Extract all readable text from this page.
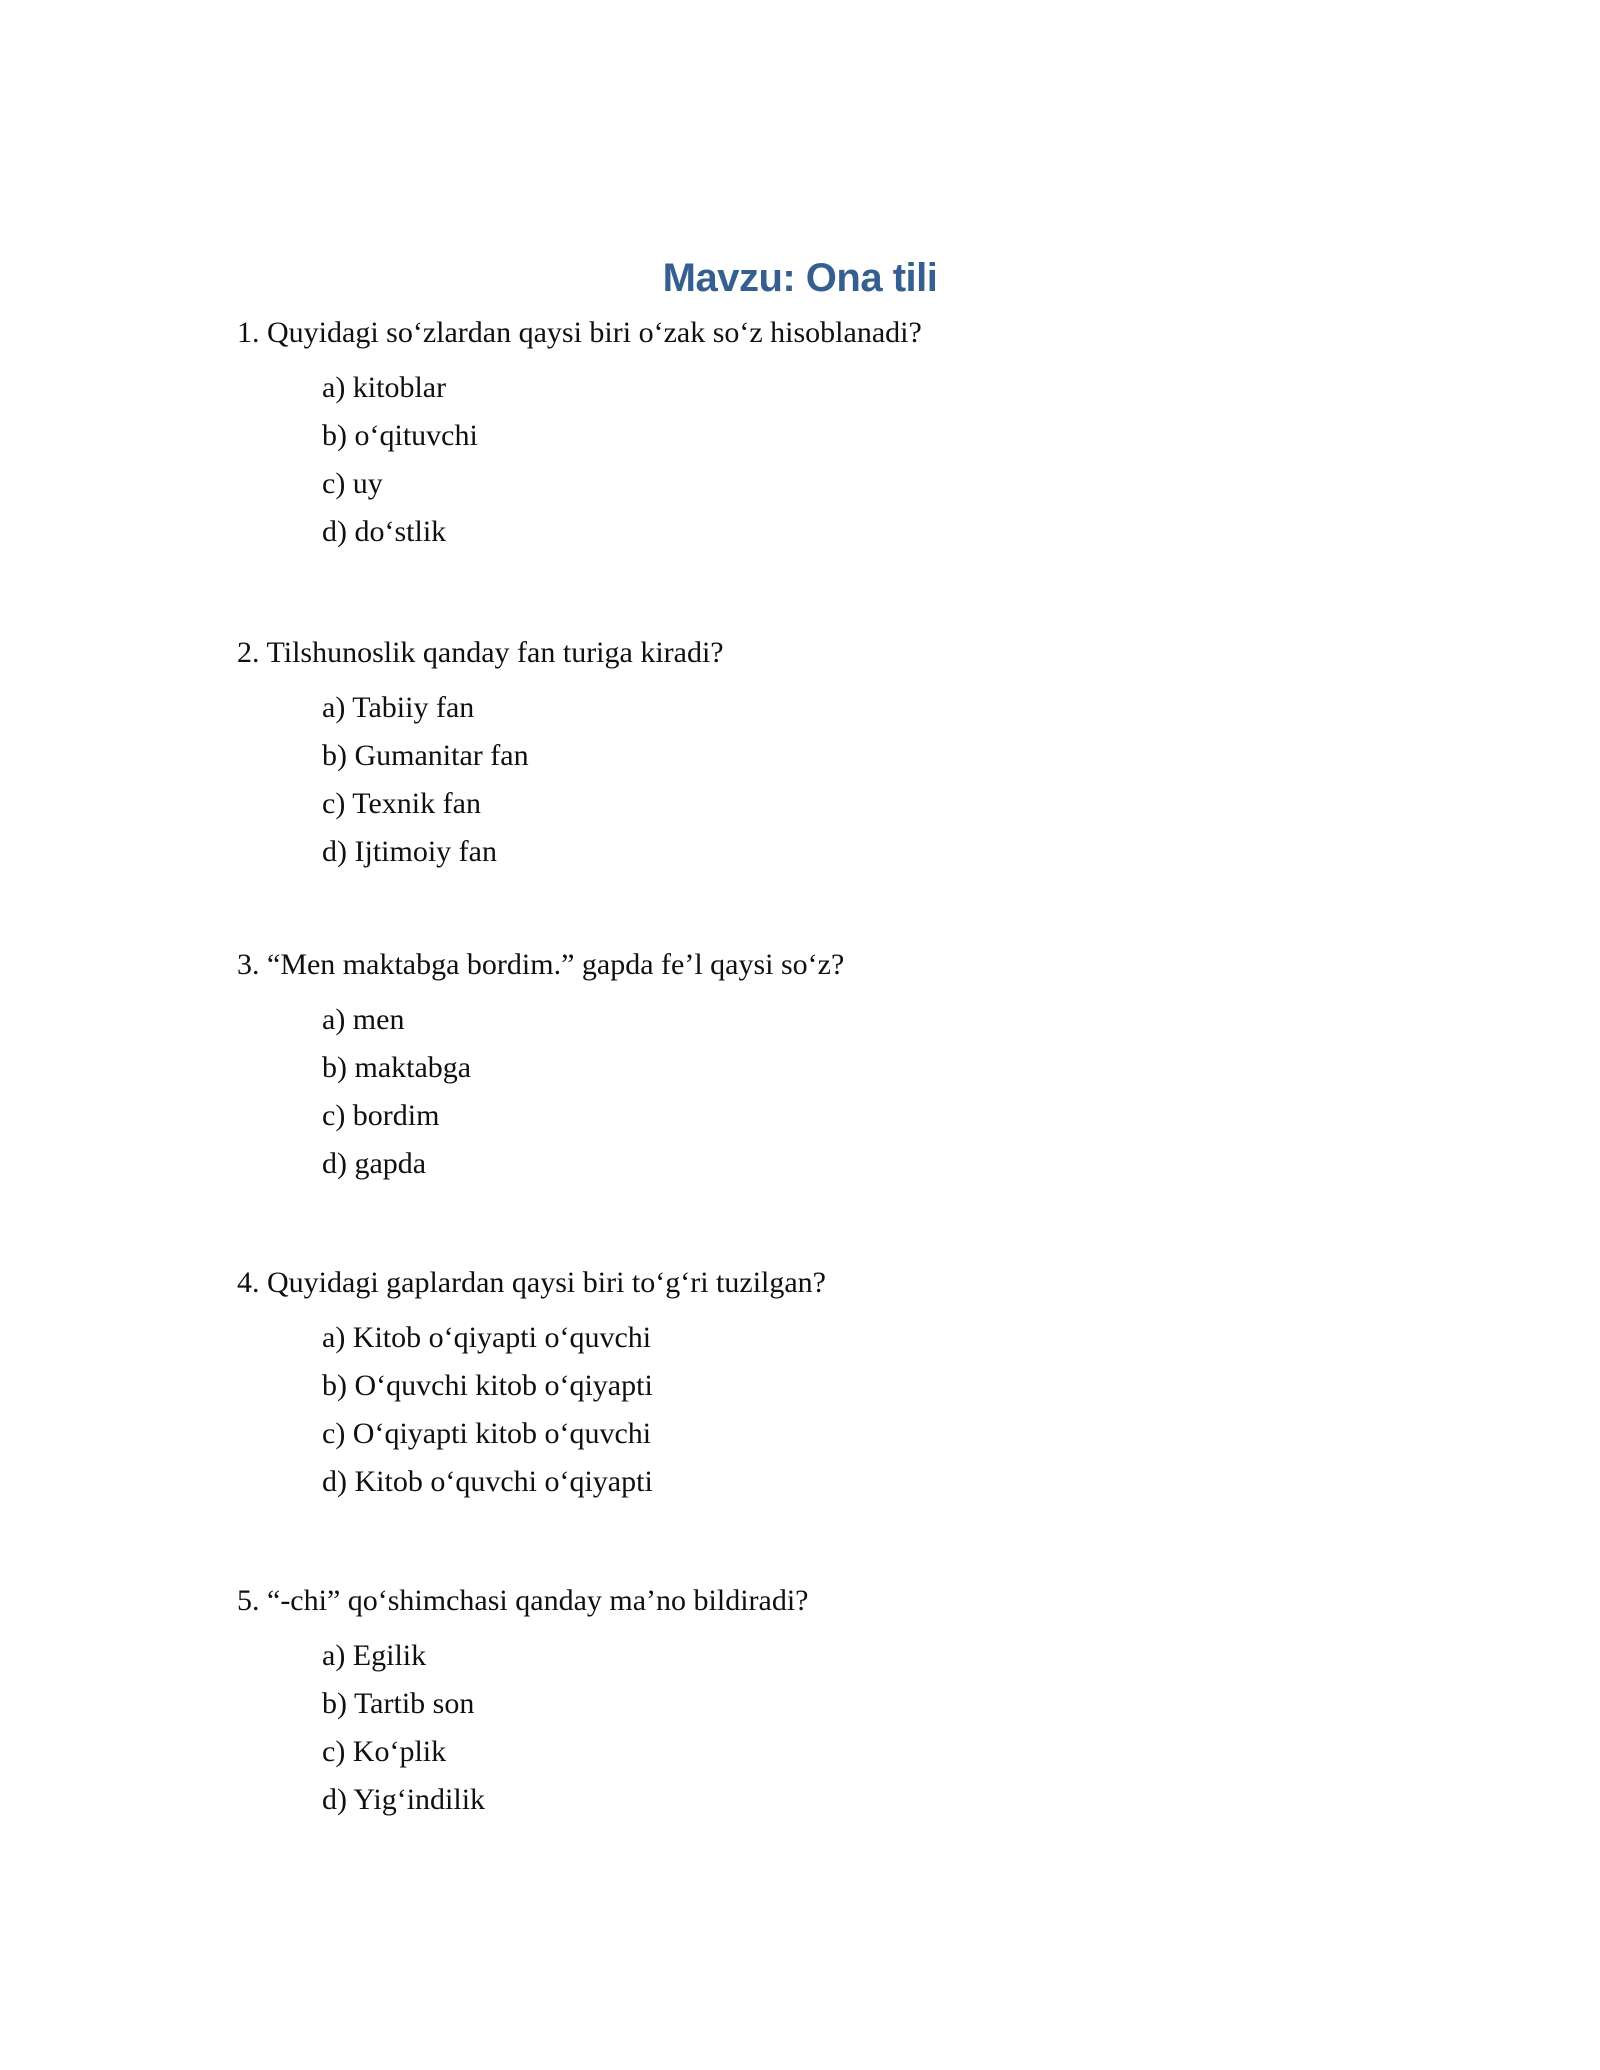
Mavzu: Ona tili

1. Quyidagi so‘zlardan qaysi biri o‘zak so‘z hisoblanadi?

a) kitoblar

b) o‘qituvchi

c) uy

d) do‘stlik

2. Tilshunoslik qanday fan turiga kiradi?

a) Tabiiy fan

b) Gumanitar fan

c) Texnik fan

d) Ijtimoiy fan

3. “Men maktabga bordim.” gapda fe’l qaysi so‘z?

a) men

b) maktabga

c) bordim

d) gapda

4. Quyidagi gaplardan qaysi biri to‘g‘ri tuzilgan?

a) Kitob o‘qiyapti o‘quvchi

b) O‘quvchi kitob o‘qiyapti

c) O‘qiyapti kitob o‘quvchi

d) Kitob o‘quvchi o‘qiyapti

5. “-chi” qo‘shimchasi qanday ma’no bildiradi?

a) Egilik

b) Tartib son

c) Ko‘plik

d) Yig‘indilik
